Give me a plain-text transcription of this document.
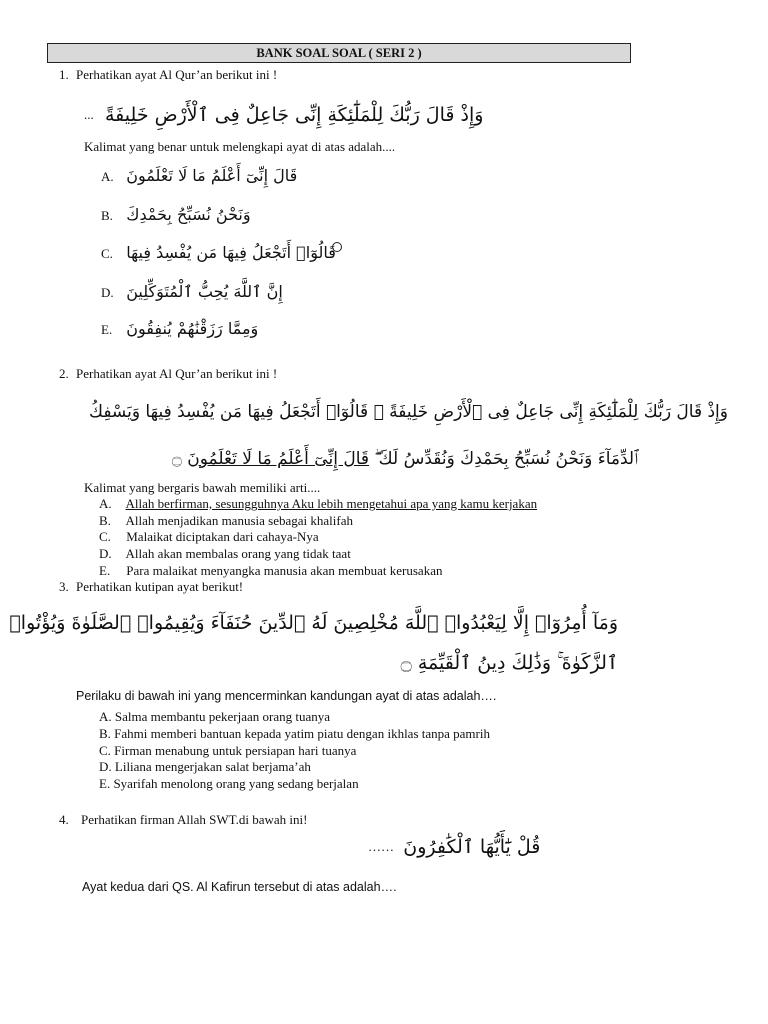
BANK SOAL SOAL ( SERI 2 )
1. Perhatikan ayat Al Qur’an berikut ini !
... وَإِذْ قَالَ رَبُّكَ لِلْمَلَٰٓئِكَةِ إِنِّى جَاعِلٌ فِى ٱلْأَرْضِ خَلِيفَةً
Kalimat yang benar untuk melengkapi ayat di atas adalah....
A. قَالَ إِنِّىٓ أَعْلَمُ مَا لَا تَعْلَمُونَ
B. وَنَحْنُ نُسَبِّحُ بِحَمْدِكَ
C. قَالُوٓا۟ أَتَجْعَلُ فِيهَا مَن يُفْسِدُ فِيهَا
D. إِنَّ ٱللَّهَ يُحِبُّ ٱلْمُتَوَكِّلِينَ
E. وَمِمَّا رَزَقْنَٰهُمْ يُنفِقُونَ
2. Perhatikan ayat Al Qur’an berikut ini !
وَإِذْ قَالَ رَبُّكَ لِلْمَلَٰٓئِكَةِ إِنِّى جَاعِلٌ فِى ٱلْأَرْضِ خَلِيفَةً ۖ قَالُوٓا۟ أَتَجْعَلُ فِيهَا مَن يُفْسِدُ فِيهَا وَيَسْفِكُ
ٱلدِّمَآءَ وَنَحْنُ نُسَبِّحُ بِحَمْدِكَ وَنُقَدِّسُ لَكَ ۖ قَالَ إِنِّىٓ أَعْلَمُ مَا لَا تَعْلَمُونَ ۝
Kalimat yang bergaris bawah memiliki arti....
A. Allah berfirman, sesungguhnya Aku lebih mengetahui apa yang kamu kerjakan
B. Allah menjadikan manusia sebagai khalifah
C. Malaikat diciptakan dari cahaya-Nya
D. Allah akan membalas orang yang tidak taat
E. Para malaikat menyangka manusia akan membuat kerusakan
3. Perhatikan kutipan ayat berikut!
وَمَآ أُمِرُوٓا۟ إِلَّا لِيَعْبُدُوا۟ ٱللَّهَ مُخْلِصِينَ لَهُ ٱلدِّينَ حُنَفَآءَ وَيُقِيمُوا۟ ٱلصَّلَوٰةَ وَيُؤْتُوا۟
ٱلزَّكَوٰةَ ۚ وَذَٰلِكَ دِينُ ٱلْقَيِّمَةِ ۝
Perilaku di bawah ini yang mencerminkan kandungan ayat di atas adalah….
A. Salma membantu pekerjaan orang tuanya
B. Fahmi memberi bantuan kepada yatim piatu dengan ikhlas tanpa pamrih
C. Firman menabung untuk persiapan hari tuanya
D. Liliana mengerjakan salat berjama’ah
E. Syarifah menolong orang yang sedang berjalan
4. Perhatikan firman Allah SWT.di bawah ini!
…… قُلْ يَٰٓأَيُّهَا ٱلْكَٰفِرُونَ
Ayat kedua dari QS. Al Kafirun tersebut di atas adalah….
